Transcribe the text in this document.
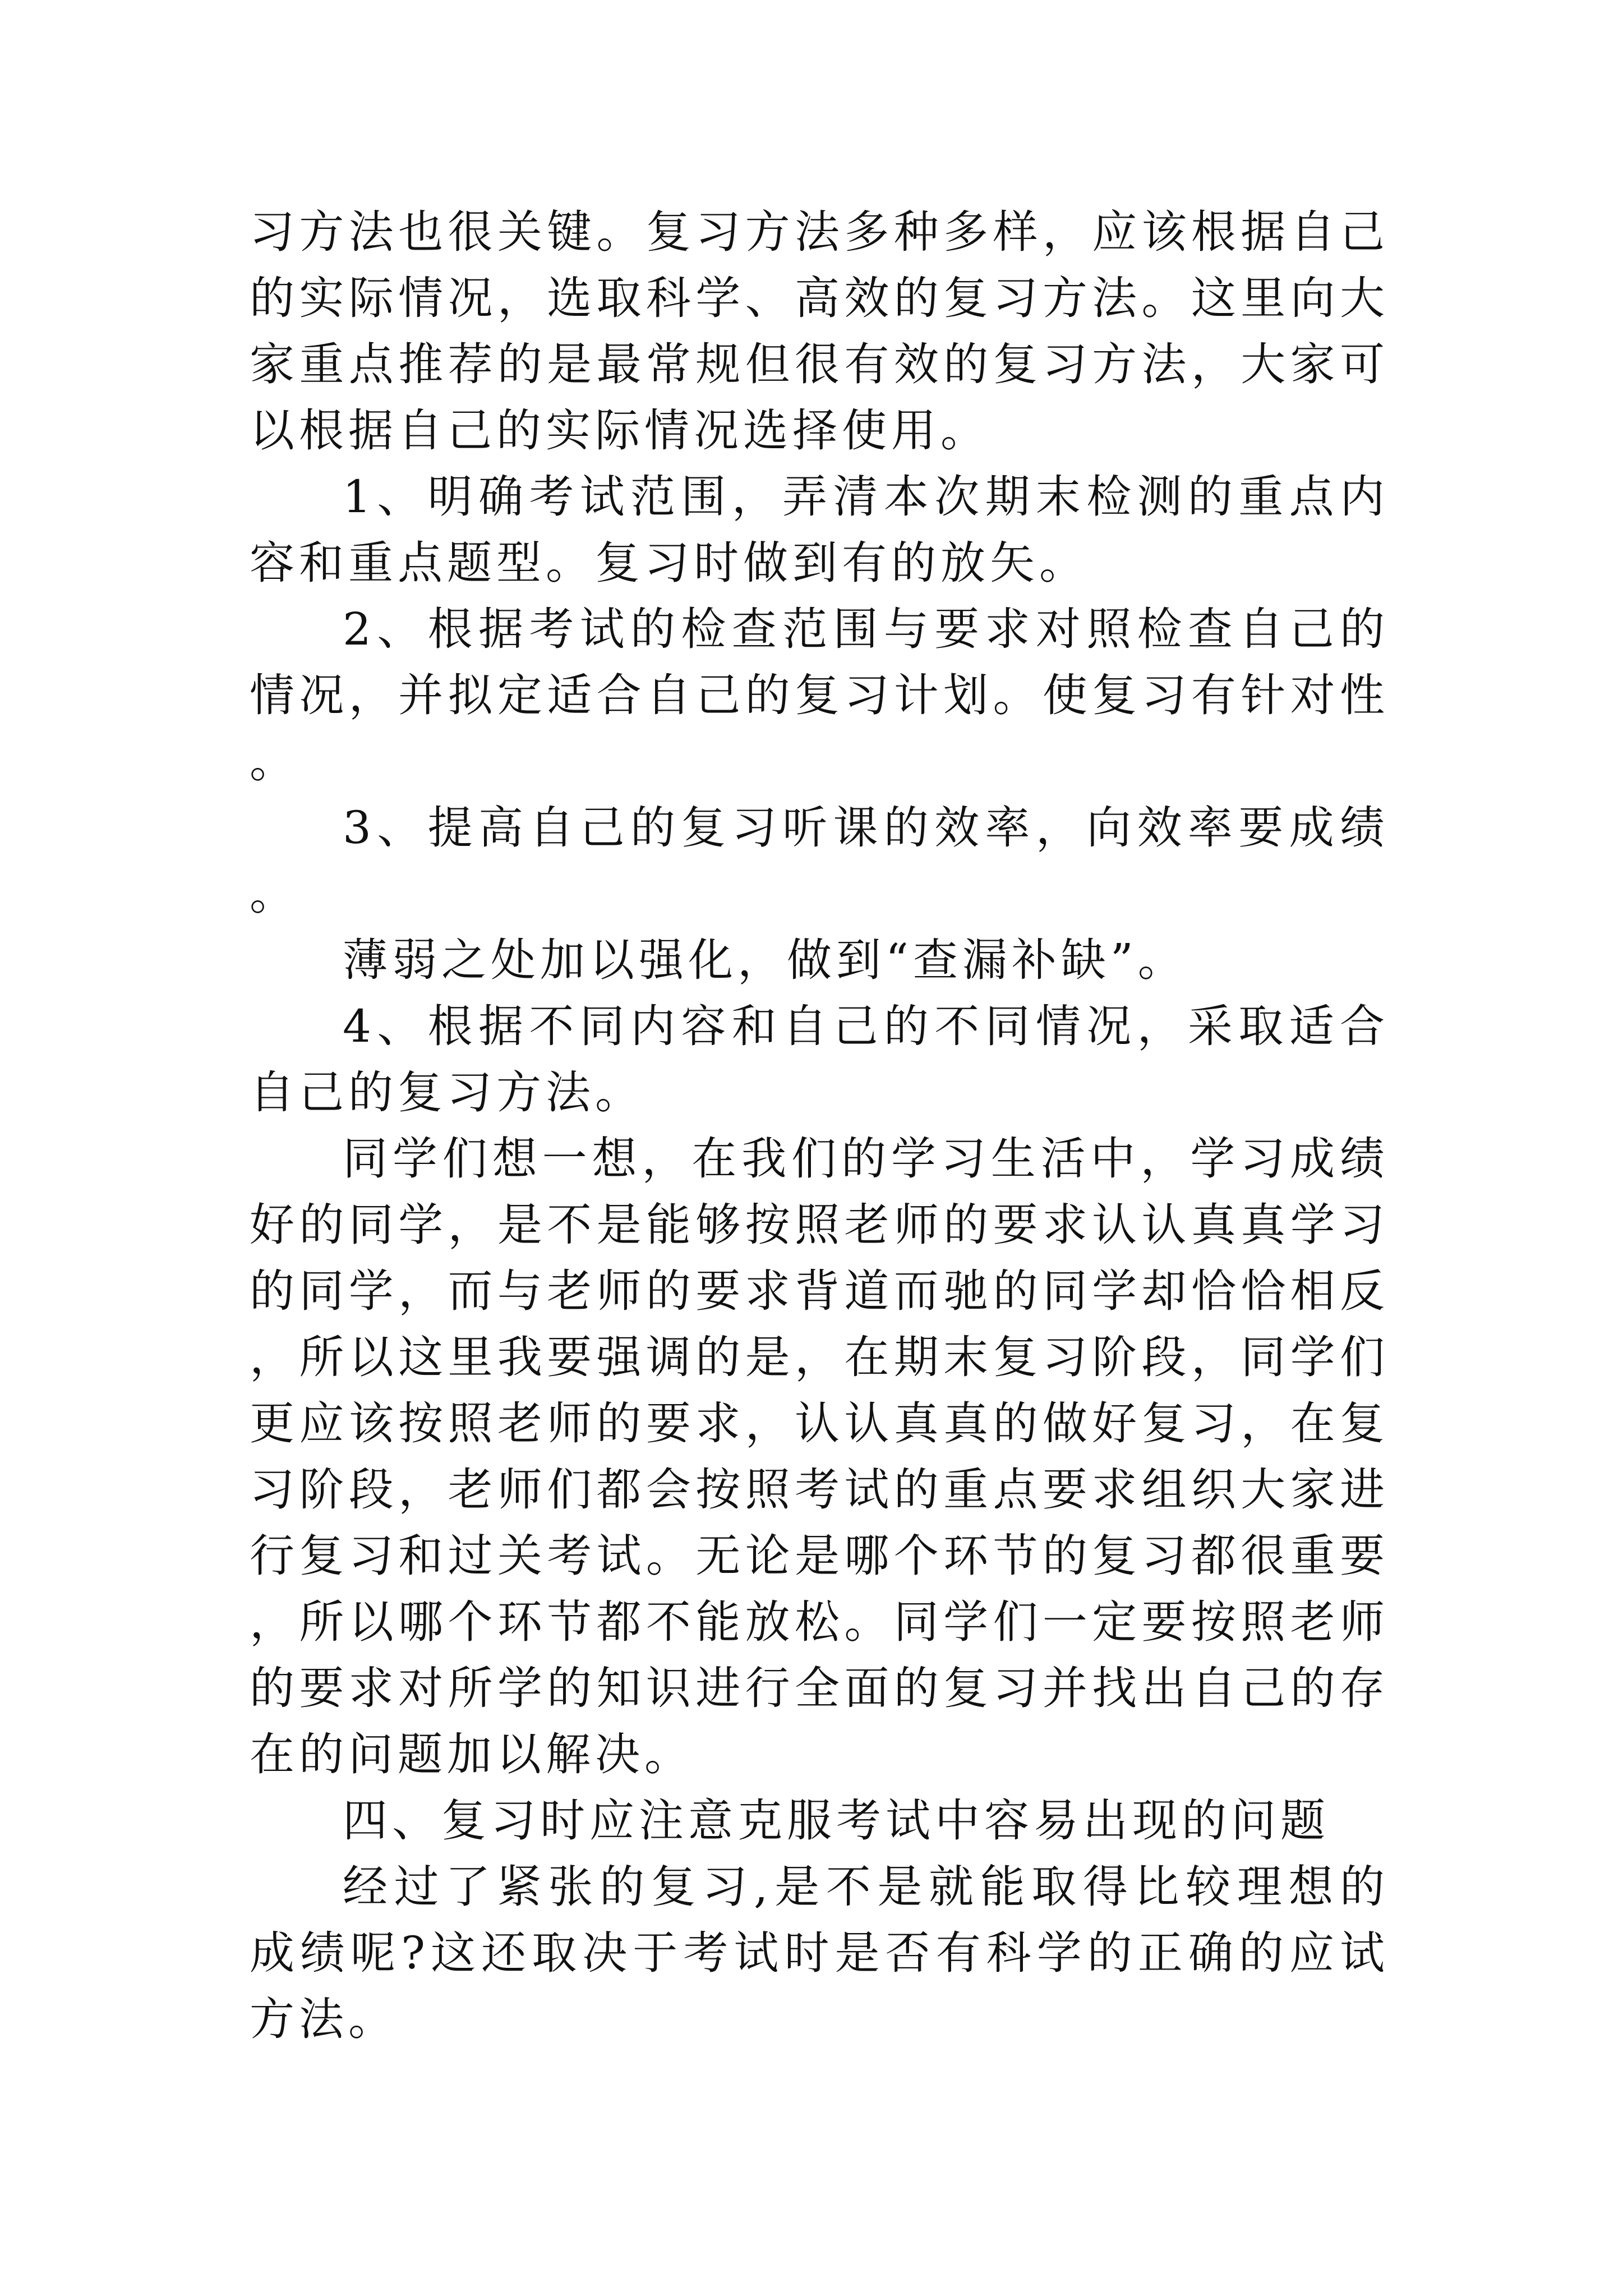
习方法也很关键。复习方法多种多样，应该根据自己的实际情况，选取科学、高效的复习方法。这里向大家重点推荐的是最常规但很有效的复习方法，大家可以根据自己的实际情况选择使用。

1、明确考试范围，弄清本次期末检测的重点内容和重点题型。复习时做到有的放矢。

2、根据考试的检查范围与要求对照检查自己的情况，并拟定适合自己的复习计划。使复习有针对性。

3、提高自己的复习听课的效率，向效率要成绩。

薄弱之处加以强化，做到“查漏补缺”。

4、根据不同内容和自己的不同情况，采取适合自己的复习方法。

同学们想一想，在我们的学习生活中，学习成绩好的同学，是不是能够按照老师的要求认认真真学习的同学，而与老师的要求背道而驰的同学却恰恰相反，所以这里我要强调的是，在期末复习阶段，同学们更应该按照老师的要求，认认真真的做好复习，在复习阶段，老师们都会按照考试的重点要求组织大家进行复习和过关考试。无论是哪个环节的复习都很重要，所以哪个环节都不能放松。同学们一定要按照老师的要求对所学的知识进行全面的复习并找出自己的存在的问题加以解决。

四、复习时应注意克服考试中容易出现的问题

经过了紧张的复习,是不是就能取得比较理想的成绩呢?这还取决于考试时是否有科学的正确的应试方法。
